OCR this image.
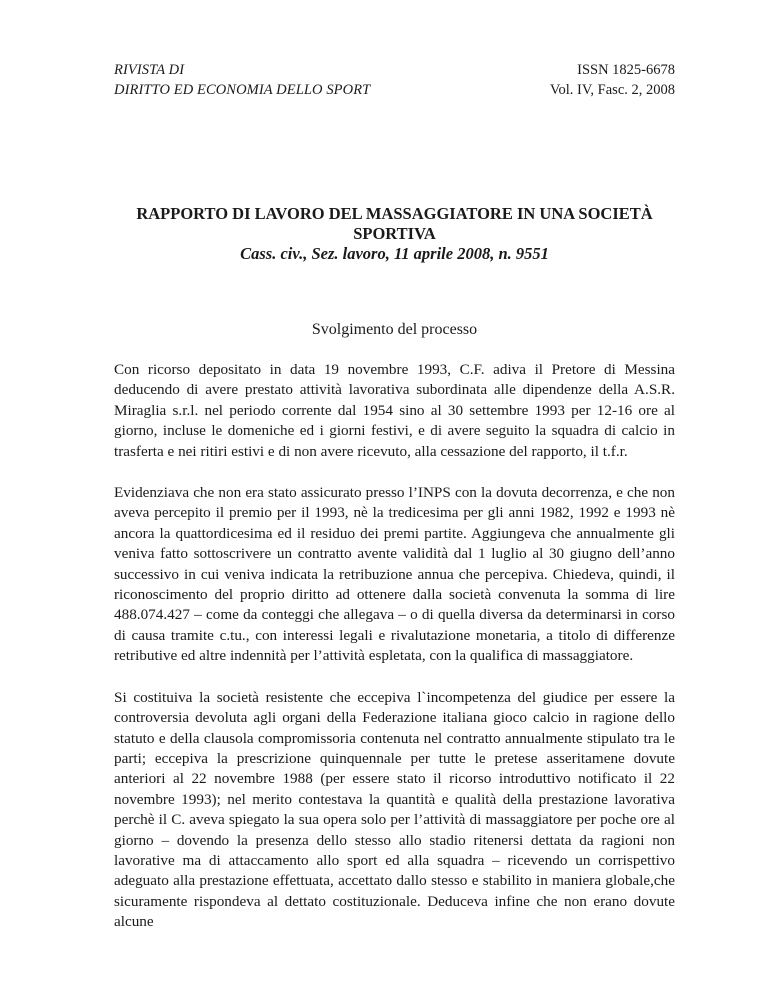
RIVISTA DI
DIRITTO ED ECONOMIA DELLO SPORT
ISSN 1825-6678
Vol. IV, Fasc. 2, 2008
RAPPORTO DI LAVORO DEL MASSAGGIATORE IN UNA SOCIETÀ SPORTIVA
Cass. civ., Sez. lavoro, 11 aprile 2008, n. 9551
Svolgimento del processo

Con ricorso depositato in data 19 novembre 1993, C.F. adiva il Pretore di Messina deducendo di avere prestato attività lavorativa subordinata alle dipendenze della A.S.R. Miraglia s.r.l. nel periodo corrente dal 1954 sino al 30 settembre 1993 per 12-16 ore al giorno, incluse le domeniche ed i giorni festivi, e di avere seguito la squadra di calcio in trasferta e nei ritiri estivi e di non avere ricevuto, alla cessazione del rapporto, il t.f.r.

Evidenziava che non era stato assicurato presso l’INPS con la dovuta decorrenza, e che non aveva percepito il premio per il 1993, nè la tredicesima per gli anni 1982, 1992 e 1993 nè ancora la quattordicesima ed il residuo dei premi partite. Aggiungeva che annualmente gli veniva fatto sottoscrivere un contratto avente validità dal 1 luglio al 30 giugno dell’anno successivo in cui veniva indicata la retribuzione annua che percepiva. Chiedeva, quindi, il riconoscimento del proprio diritto ad ottenere dalla società convenuta la somma di lire 488.074.427 – come da conteggi che allegava – o di quella diversa da determinarsi in corso di causa tramite c.tu., con interessi legali e rivalutazione monetaria, a titolo di differenze retributive ed altre indennità per l’attività espletata, con la qualifica di massaggiatore.

Si costituiva la società resistente che eccepiva l`incompetenza del giudice per essere la controversia devoluta agli organi della Federazione italiana gioco calcio in ragione dello statuto e della clausola compromissoria contenuta nel contratto annualmente stipulato tra le parti; eccepiva la prescrizione quinquennale per tutte le pretese asseritamene dovute anteriori al 22 novembre 1988 (per essere stato il ricorso introduttivo notificato il 22 novembre 1993); nel merito contestava la quantità e qualità della prestazione lavorativa perchè il C. aveva spiegato la sua opera solo per l’attività di massaggiatore per poche ore al giorno – dovendo la presenza dello stesso allo stadio ritenersi dettata da ragioni non lavorative ma di attaccamento allo sport ed alla squadra – ricevendo un corrispettivo adeguato alla prestazione effettuata, accettato dallo stesso e stabilito in maniera globale,che sicuramente rispondeva al dettato costituzionale. Deduceva infine che non erano dovute alcune
